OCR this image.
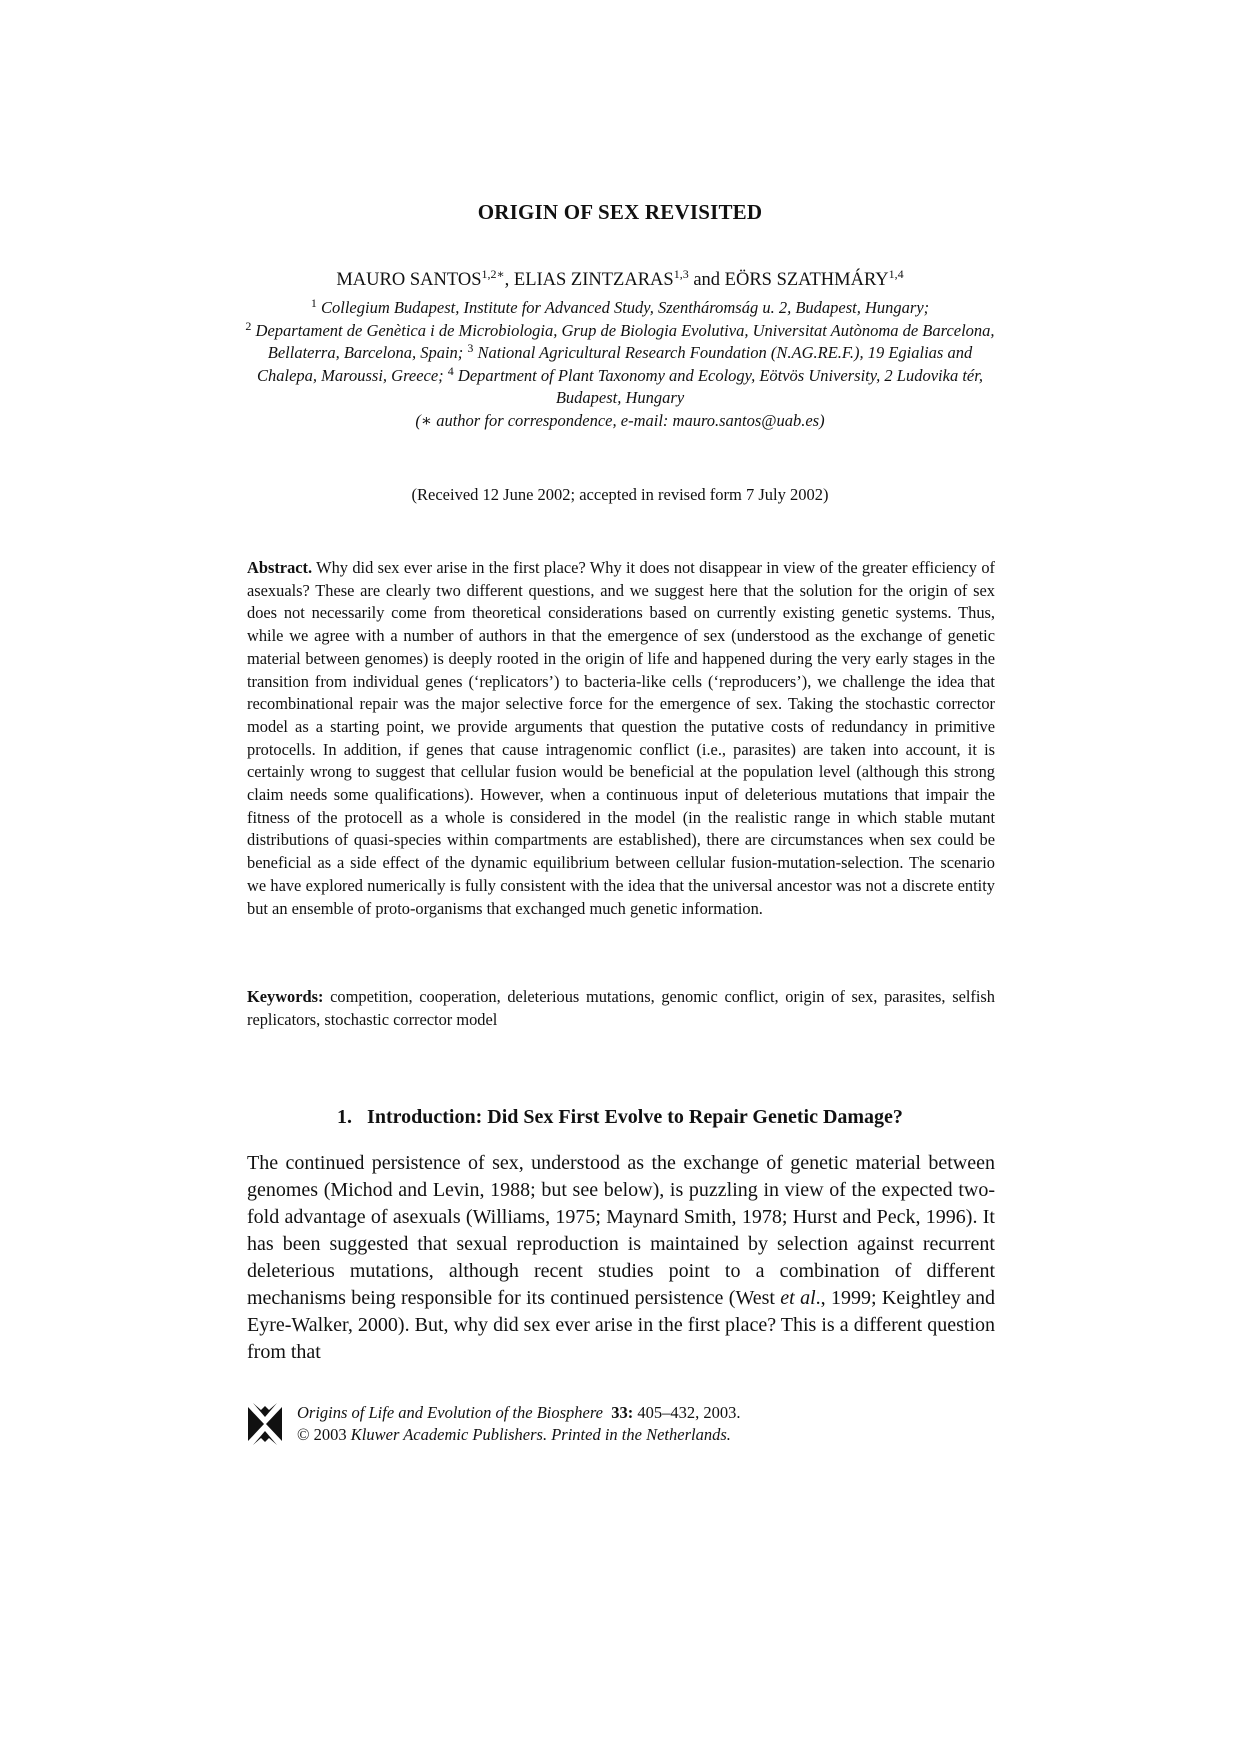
ORIGIN OF SEX REVISITED
MAURO $SANTOS^{1,2∗}$, ELIAS ZINTZARAS$^{1,3}$ and EÖRS SZATHMÁRY$^{1,4}$
$^1$ Collegium Budapest, Institute for Advanced Study, Szentháromság u. 2, Budapest, Hungary;
$^2$ Departament de Genètica i de Microbiologia, Grup de Biologia Evolutiva, Universitat Autònoma de Barcelona, Bellaterra, Barcelona, Spain; $^3$ National Agricultural Research Foundation (N.AG.RE.F.), 19 Egialias and Chalepa, Maroussi, Greece; $^4$ Department of Plant Taxonomy and Ecology, Eötvös University, 2 Ludovika tér, Budapest, Hungary
(∗ author for correspondence, e-mail: mauro.santos@uab.es)
(Received 12 June 2002; accepted in revised form 7 July 2002)
Abstract. Why did sex ever arise in the first place? Why it does not disappear in view of the greater efficiency of asexuals? These are clearly two different questions, and we suggest here that the solution for the origin of sex does not necessarily come from theoretical considerations based on currently existing genetic systems. Thus, while we agree with a number of authors in that the emergence of sex (understood as the exchange of genetic material between genomes) is deeply rooted in the origin of life and happened during the very early stages in the transition from individual genes (‘replicators’) to bacteria-like cells (‘reproducers’), we challenge the idea that recombinational repair was the major selective force for the emergence of sex. Taking the stochastic corrector model as a starting point, we provide arguments that question the putative costs of redundancy in primitive protocells. In addition, if genes that cause intragenomic conflict (i.e., parasites) are taken into account, it is certainly wrong to suggest that cellular fusion would be beneficial at the population level (although this strong claim needs some qualifications). However, when a continuous input of deleterious mutations that impair the fitness of the protocell as a whole is considered in the model (in the realistic range in which stable mutant distributions of quasi-species within compartments are established), there are circumstances when sex could be beneficial as a side effect of the dynamic equilibrium between cellular fusion-mutation-selection. The scenario we have explored numerically is fully consistent with the idea that the universal ancestor was not a discrete entity but an ensemble of proto-organisms that exchanged much genetic information.
Keywords: competition, cooperation, deleterious mutations, genomic conflict, origin of sex, parasites, selfish replicators, stochastic corrector model
1. Introduction: Did Sex First Evolve to Repair Genetic Damage?
The continued persistence of sex, understood as the exchange of genetic material between genomes (Michod and Levin, 1988; but see below), is puzzling in view of the expected two-fold advantage of asexuals (Williams, 1975; Maynard Smith, 1978; Hurst and Peck, 1996). It has been suggested that sexual reproduction is maintained by selection against recurrent deleterious mutations, although recent studies point to a combination of different mechanisms being responsible for its continued persistence (West et al., 1999; Keightley and Eyre-Walker, 2000). But, why did sex ever arise in the first place? This is a different question from that
Origins of Life and Evolution of the Biosphere 33: 405–432, 2003.
© 2003 Kluwer Academic Publishers. Printed in the Netherlands.
